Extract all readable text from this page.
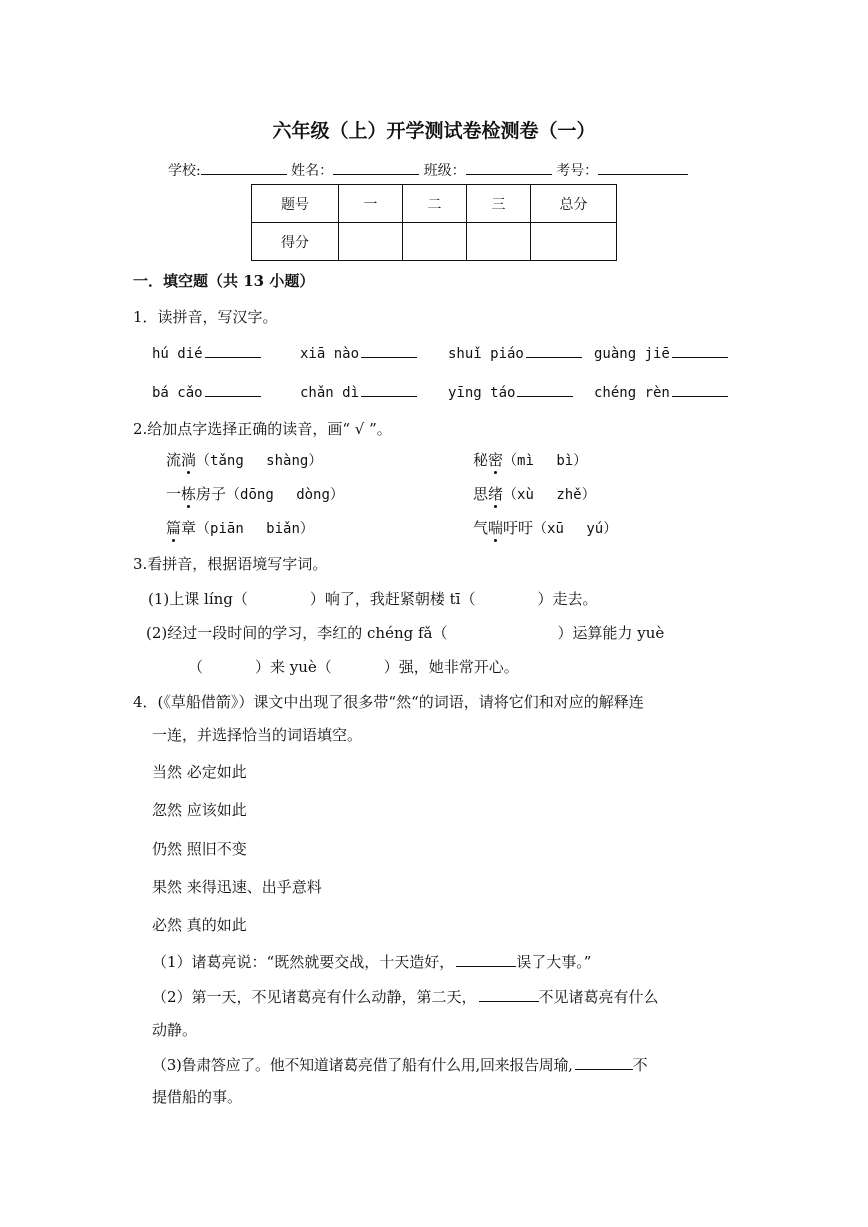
六年级（上）开学测试卷检测卷（一）
学校:	姓名：	班级：	考号：
题号	一	二	三	总分
得分				
一．填空题（共 13 小题）
1．读拼音，写汉字。
hú dié	xiā nào	shuǐ piáo	guàng jiē
bá cǎo	chǎn dì	yīng táo	chéng rèn
2.给加点字选择正确的读音，画“ √ ”。
流淌（tǎng　 shàng）	秘密（mì　 bì）
一栋房子（dōng　 dòng）	思绪（xù　 zhě）
篇章（piān　 biǎn）	气喘吁吁（xū　 yú）
3.看拼音，根据语境写字词。
(1)上课 líng（	）响了，我赶紧朝楼 tī（	）走去。
(2)经过一段时间的学习，李红的 chéng fǎ（	）运算能力 yuè
（	）来 yuè（	）强，她非常开心。
4．(《草船借箭》）课文中出现了很多带“然“的词语，请将它们和对应的解释连
一连，并选择恰当的词语填空。
当然 必定如此
忽然 应该如此
仍然 照旧不变
果然 来得迅速、出乎意料
必然 真的如此
（1）诸葛亮说：“既然就要交战，十天造好，	误了大事。”
（2）第一天，不见诸葛亮有什么动静，第二天，	不见诸葛亮有什么
动静。
（3)鲁肃答应了。他不知道诸葛亮借了船有什么用,回来报告周瑜,	不
提借船的事。
